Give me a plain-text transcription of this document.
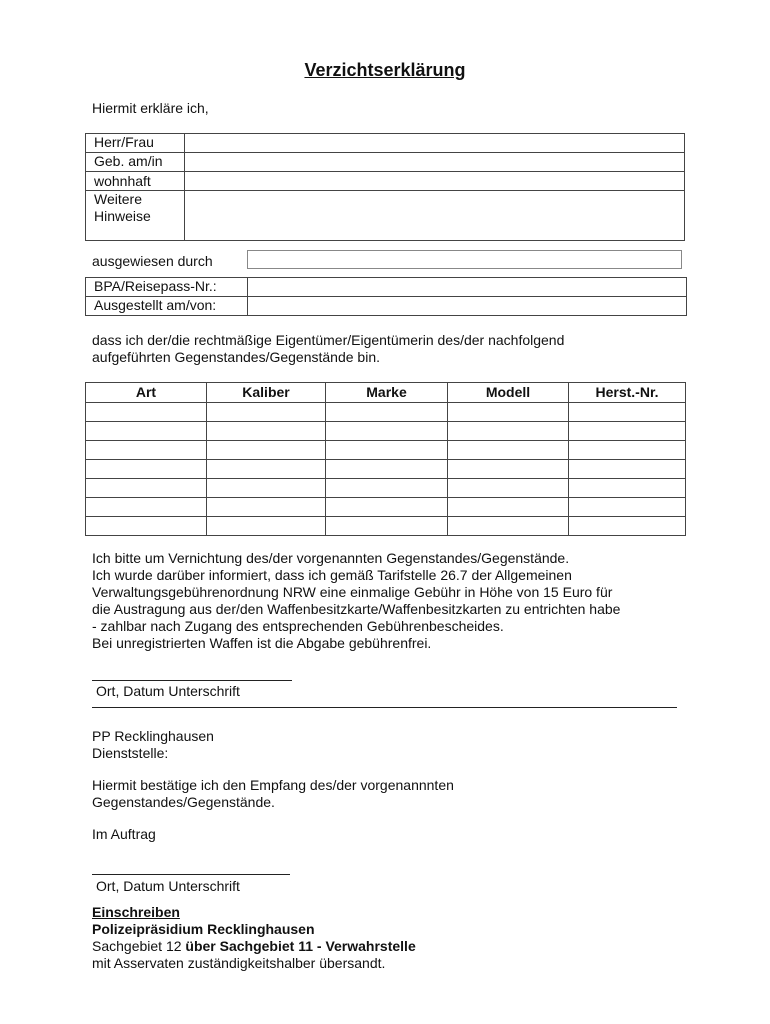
Verzichtserklärung
Hiermit erkläre ich,
Herr/Frau	
Geb. am/in	
wohnhaft	

Weitere
Hinweise	

ausgewiesen durch
BPA/Reisepass-Nr.:	
Ausgestellt am/von:	
dass ich der/die rechtmäßige Eigentümer/Eigentümerin des/der nachfolgend
aufgeführten Gegenstandes/Gegenstände bin.
Art	Kaliber	Marke	Modell	Herst.-Nr.

Ich bitte um Vernichtung des/der vorgenannten Gegenstandes/Gegenstände.
Ich wurde darüber informiert, dass ich gemäß Tarifstelle 26.7 der Allgemeinen
Verwaltungsgebührenordnung NRW eine einmalige Gebühr in Höhe von 15 Euro für
die Austragung aus der/den Waffenbesitzkarte/Waffenbesitzkarten zu entrichten habe
- zahlbar nach Zugang des entsprechenden Gebührenbescheides.
Bei unregistrierten Waffen ist die Abgabe gebührenfrei.
Ort, Datum Unterschrift
PP Recklinghausen
Dienststelle:
Hiermit bestätige ich den Empfang des/der vorgenannnten
Gegenstandes/Gegenstände.
Im Auftrag
Ort, Datum Unterschrift
Einschreiben
Polizeipräsidium Recklinghausen
Sachgebiet 12 über Sachgebiet 11 - Verwahrstelle
mit Asservaten zuständigkeitshalber übersandt.
